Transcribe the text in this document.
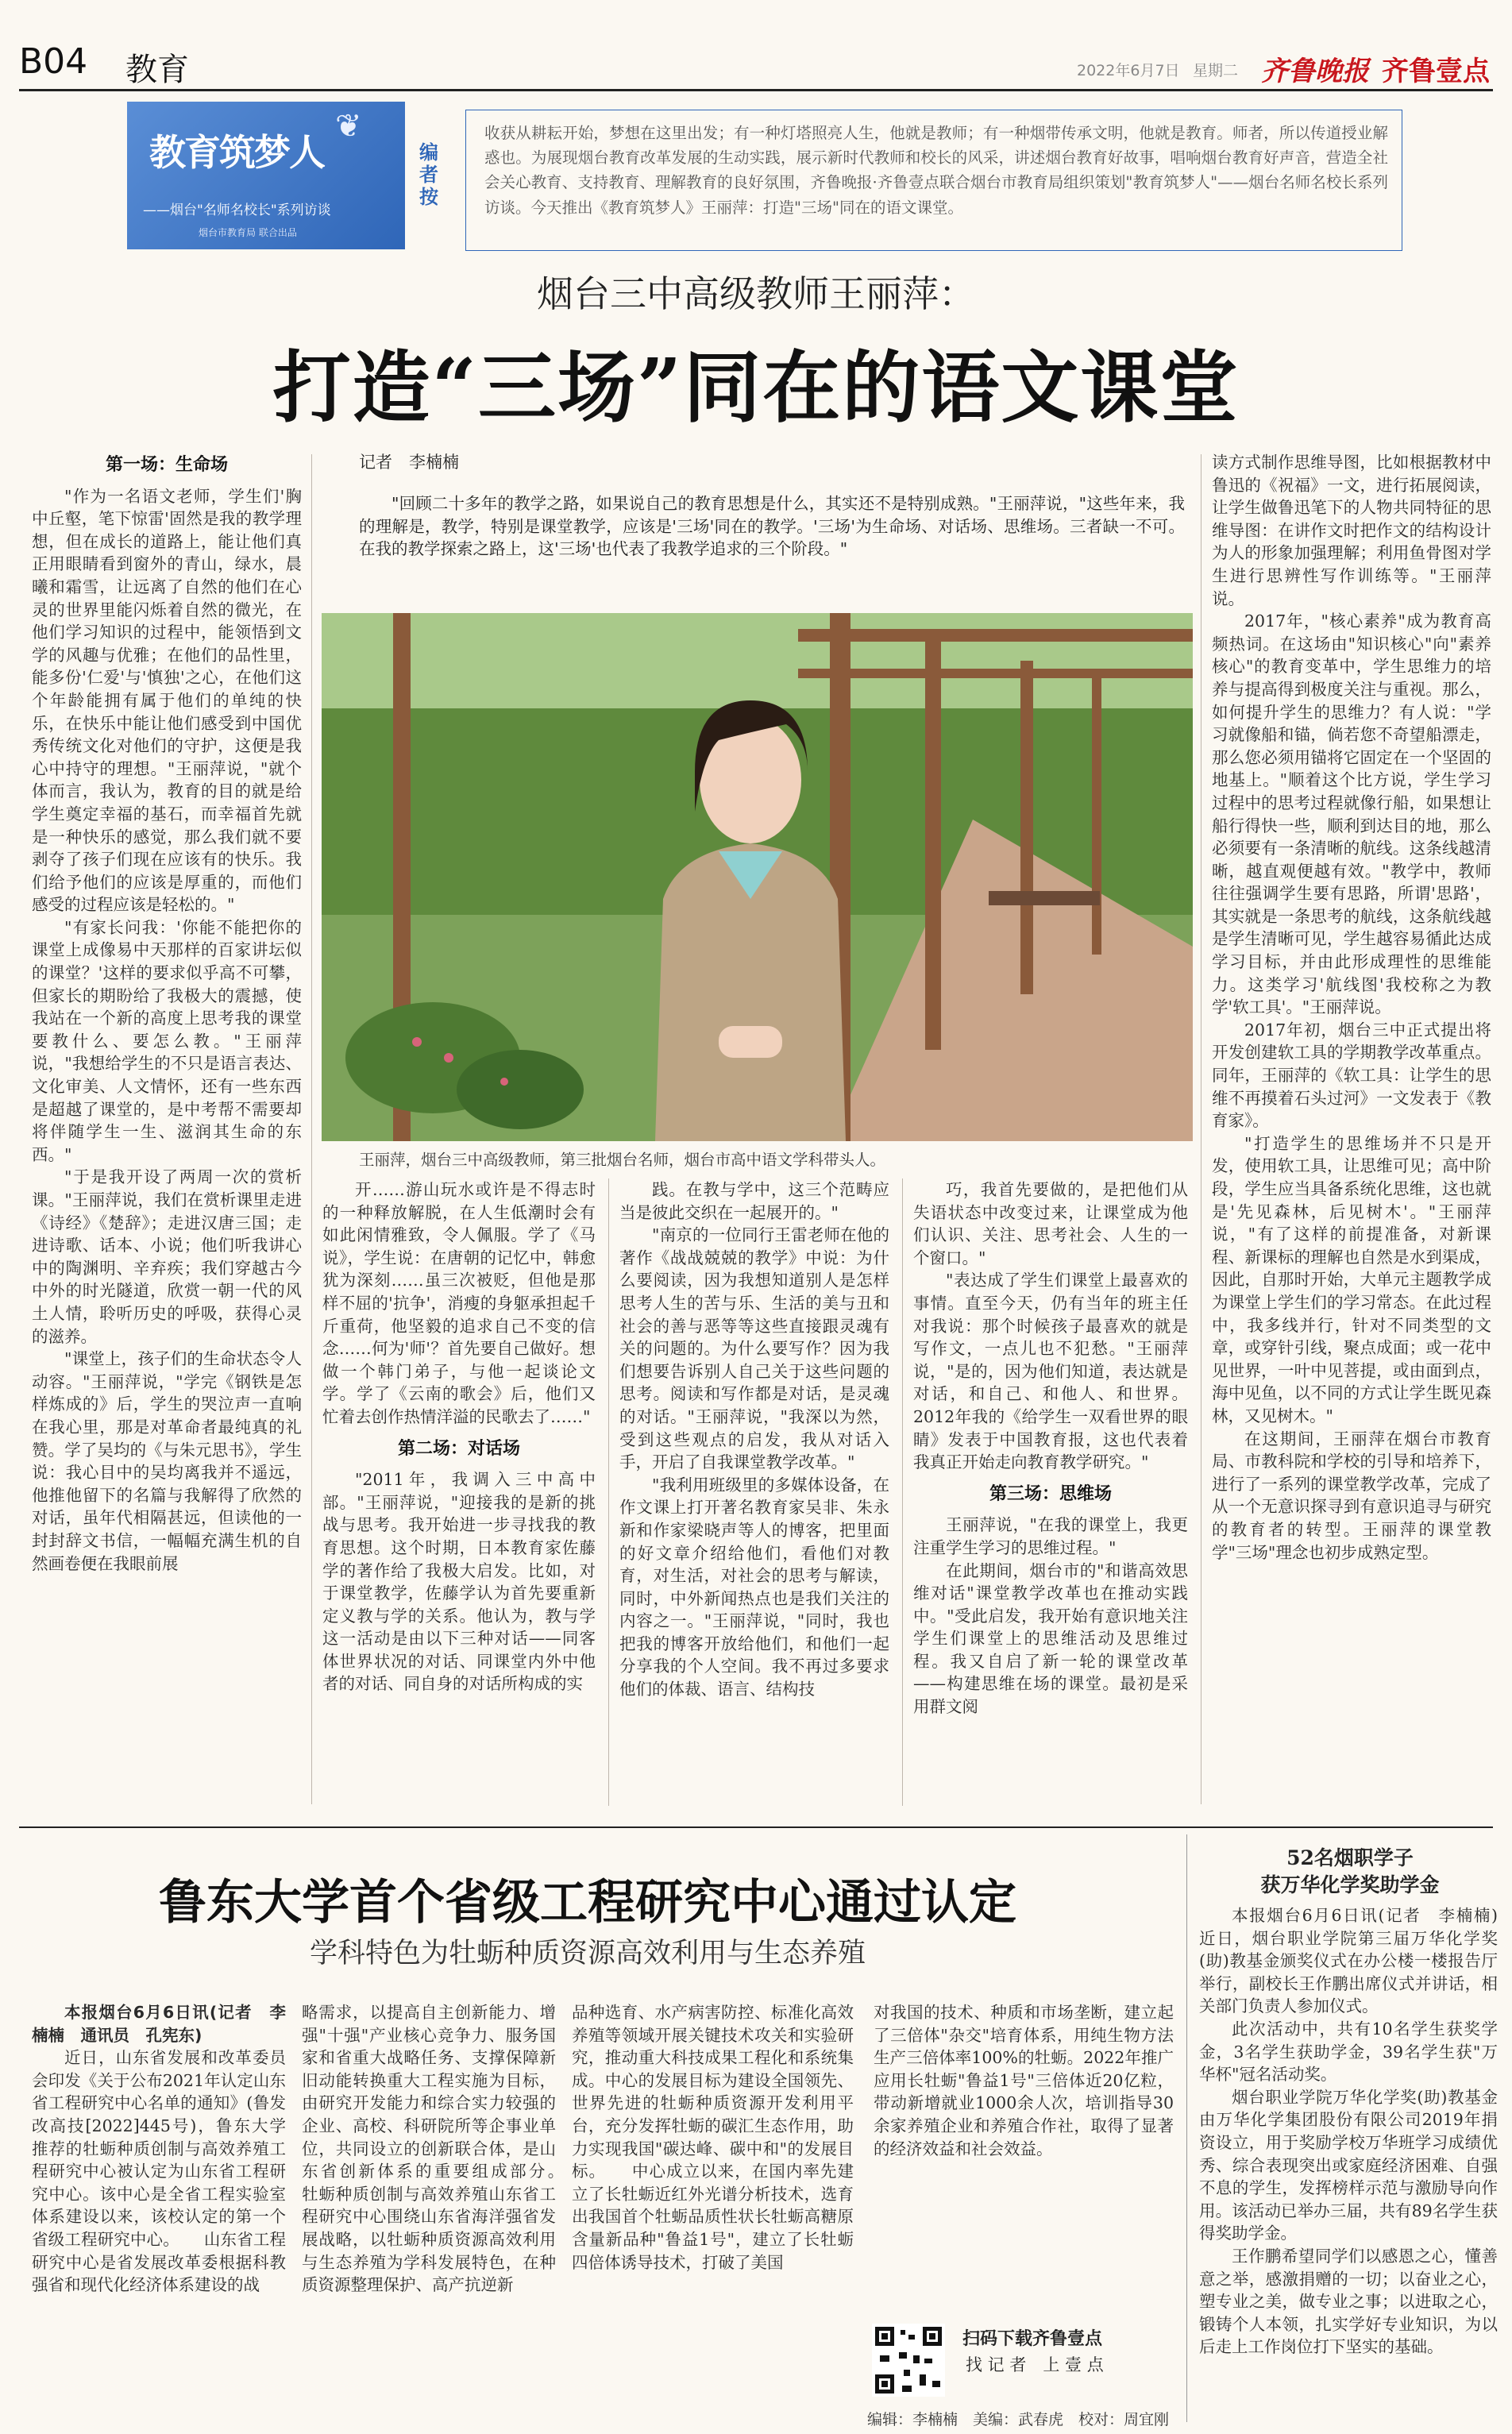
B04 教育	2022年6月7日 星期二 齐鲁晚报 齐鲁壹点
❦
教育筑梦人
——烟台"名师名校长"系列访谈
烟台市教育局 联合出品
编者按
收获从耕耘开始，梦想在这里出发；有一种灯塔照亮人生，他就是教师；有一种烟带传承文明，他就是教育。师者，所以传道授业解惑也。为展现烟台教育改革发展的生动实践，展示新时代教师和校长的风采，讲述烟台教育好故事，唱响烟台教育好声音，营造全社会关心教育、支持教育、理解教育的良好氛围，齐鲁晚报·齐鲁壹点联合烟台市教育局组织策划"教育筑梦人"——烟台名师名校长系列访谈。今天推出《教育筑梦人》王丽萍：打造"三场"同在的语文课堂。
烟台三中高级教师王丽萍：
打造“三场”同在的语文课堂
记者　李楠楠

"回顾二十多年的教学之路，如果说自己的教育思想是什么，其实还不是特别成熟。"王丽萍说，"这些年来，我的理解是，教学，特别是课堂教学，应该是'三场'同在的教学。'三场'为生命场、对话场、思维场。三者缺一不可。在我的教学探索之路上，这'三场'也代表了我教学追求的三个阶段。"

第一场：生命场

"作为一名语文老师，学生们'胸中丘壑，笔下惊雷'固然是我的教学理想，但在成长的道路上，能让他们真正用眼睛看到窗外的青山，绿水，晨曦和霜雪，让远离了自然的他们在心灵的世界里能闪烁着自然的微光，在他们学习知识的过程中，能领悟到文学的风趣与优雅；在他们的品性里，能多份'仁爱'与'慎独'之心，在他们这个年龄能拥有属于他们的单纯的快乐，在快乐中能让他们感受到中国优秀传统文化对他们的守护，这便是我心中持守的理想。"王丽萍说，"就个体而言，我认为，教育的目的就是给学生奠定幸福的基石，而幸福首先就是一种快乐的感觉，那么我们就不要剥夺了孩子们现在应该有的快乐。我们给予他们的应该是厚重的，而他们感受的过程应该是轻松的。"

"有家长问我：'你能不能把你的课堂上成像易中天那样的百家讲坛似的课堂？'这样的要求似乎高不可攀，但家长的期盼给了我极大的震撼，使我站在一个新的高度上思考我的课堂要教什么、要怎么教。"王丽萍说，"我想给学生的不只是语言表达、文化审美、人文情怀，还有一些东西是超越了课堂的，是中考帮不需要却将伴随学生一生、滋润其生命的东西。"

"于是我开设了两周一次的赏析课。"王丽萍说，我们在赏析课里走进《诗经》《楚辞》；走进汉唐三国；走进诗歌、话本、小说；他们听我讲心中的陶渊明、辛弃疾；我们穿越古今中外的时光隧道，欣赏一朝一代的风土人情，聆听历史的呼吸，获得心灵的滋养。

"课堂上，孩子们的生命状态令人动容。"王丽萍说，"学完《钢铁是怎样炼成的》后，学生的哭泣声一直响在我心里，那是对革命者最纯真的礼赞。学了吴均的《与朱元思书》，学生说：我心目中的吴均离我并不遥远，他推他留下的名篇与我解得了欣然的对话，虽年代相隔甚远，但读他的一封封辞文书信，一幅幅充满生机的自然画卷便在我眼前展

王丽萍，烟台三中高级教师，第三批烟台名师，烟台市高中语文学科带头人。

开……游山玩水或许是不得志时的一种释放解脱，在人生低潮时会有如此闲情雅致，令人佩服。学了《马说》，学生说：在唐朝的记忆中，韩愈犹为深刻……虽三次被贬，但他是那样不屈的'抗争'，消瘦的身躯承担起千斤重荷，他坚毅的追求自己不变的信念……何为'师'？首先要自己做好。想做一个韩门弟子，与他一起谈论文学。学了《云南的歌会》后，他们又忙着去创作热情洋溢的民歌去了……"

第二场：对话场

"2011年，我调入三中高中部。"王丽萍说，"迎接我的是新的挑战与思考。我开始进一步寻找我的教育思想。这个时期，日本教育家佐藤学的著作给了我极大启发。比如，对于课堂教学，佐藤学认为首先要重新定义教与学的关系。他认为，教与学这一活动是由以下三种对话——同客体世界状况的对话、同课堂内外中他者的对话、同自身的对话所构成的实

践。在教与学中，这三个范畴应当是彼此交织在一起展开的。"

"南京的一位同行王雷老师在他的著作《战战兢兢的教学》中说：为什么要阅读，因为我想知道别人是怎样思考人生的苦与乐、生活的美与丑和社会的善与恶等等这些直接跟灵魂有关的问题的。为什么要写作？因为我们想要告诉别人自己关于这些问题的思考。阅读和写作都是对话，是灵魂的对话。"王丽萍说，"我深以为然，受到这些观点的启发，我从对话入手，开启了自我课堂教学改革。"

"我利用班级里的多媒体设备，在作文课上打开著名教育家吴非、朱永新和作家梁晓声等人的博客，把里面的好文章介绍给他们，看他们对教育，对生活，对社会的思考与解读，同时，中外新闻热点也是我们关注的内容之一。"王丽萍说，"同时，我也把我的博客开放给他们，和他们一起分享我的个人空间。我不再过多要求他们的体裁、语言、结构技

巧，我首先要做的，是把他们从失语状态中改变过来，让课堂成为他们认识、关注、思考社会、人生的一个窗口。"

"表达成了学生们课堂上最喜欢的事情。直至今天，仍有当年的班主任对我说：那个时候孩子最喜欢的就是写作文，一点儿也不犯愁。"王丽萍说，"是的，因为他们知道，表达就是对话，和自己、和他人、和世界。2012年我的《给学生一双看世界的眼睛》发表于中国教育报，这也代表着我真正开始走向教育教学研究。"

第三场：思维场

王丽萍说，"在我的课堂上，我更注重学生学习的思维过程。"

在此期间，烟台市的"和谐高效思维对话"课堂教学改革也在推动实践中。"受此启发，我开始有意识地关注学生们课堂上的思维活动及思维过程。我又自启了新一轮的课堂改革——构建思维在场的课堂。最初是采用群文阅

读方式制作思维导图，比如根据教材中鲁迅的《祝福》一文，进行拓展阅读，让学生做鲁迅笔下的人物共同特征的思维导图：在讲作文时把作文的结构设计为人的形象加强理解；利用鱼骨图对学生进行思辨性写作训练等。"王丽萍说。

2017年，"核心素养"成为教育高频热词。在这场由"知识核心"向"素养核心"的教育变革中，学生思维力的培养与提高得到极度关注与重视。那么，如何提升学生的思维力？有人说："学习就像船和锚，倘若您不奇望船漂走，那么您必须用锚将它固定在一个坚固的地基上。"顺着这个比方说，学生学习过程中的思考过程就像行船，如果想让船行得快一些，顺利到达目的地，那么必须要有一条清晰的航线。这条线越清晰，越直观便越有效。"教学中，教师往往强调学生要有思路，所谓'思路'，其实就是一条思考的航线，这条航线越是学生清晰可见，学生越容易循此达成学习目标，并由此形成理性的思维能力。这类学习'航线图'我校称之为教学'软工具'。"王丽萍说。

2017年初，烟台三中正式提出将开发创建软工具的学期教学改革重点。同年，王丽萍的《软工具：让学生的思维不再摸着石头过河》一文发表于《教育家》。

"打造学生的思维场并不只是开发，使用软工具，让思维可见；高中阶段，学生应当具备系统化思维，这也就是'先见森林，后见树木'。"王丽萍说，"有了这样的前提准备，对新课程、新课标的理解也自然是水到渠成，因此，自那时开始，大单元主题教学成为课堂上学生们的学习常态。在此过程中，我多线并行，针对不同类型的文章，或穿针引线，聚点成面；或一花中见世界，一叶中见菩提，或由面到点，海中见鱼，以不同的方式让学生既见森林，又见树木。"

在这期间，王丽萍在烟台市教育局、市教科院和学校的引导和培养下，进行了一系列的课堂教学改革，完成了从一个无意识探寻到有意识追寻与研究的教育者的转型。王丽萍的课堂教学"三场"理念也初步成熟定型。

鲁东大学首个省级工程研究中心通过认定
学科特色为牡蛎种质资源高效利用与生态养殖

本报烟台6月6日讯(记者　李楠楠　通讯员　孔宪东)

近日，山东省发展和改革委员会印发《关于公布2021年认定山东省工程研究中心名单的通知》(鲁发改高技[2022]445号)，鲁东大学推荐的牡蛎种质创制与高效养殖工程研究中心被认定为山东省工程研究中心。该中心是全省工程实验室体系建设以来，该校认定的第一个省级工程研究中心。　　山东省工程研究中心是省发展改革委根据科教强省和现代化经济体系建设的战

略需求，以提高自主创新能力、增强"十强"产业核心竞争力、服务国家和省重大战略任务、支撑保障新旧动能转换重大工程实施为目标，由研究开发能力和综合实力较强的企业、高校、科研院所等企事业单位，共同设立的创新联合体，是山东省创新体系的重要组成部分。　　牡蛎种质创制与高效养殖山东省工程研究中心围绕山东省海洋强省发展战略，以牡蛎种质资源高效利用与生态养殖为学科发展特色，在种质资源整理保护、高产抗逆新

品种选育、水产病害防控、标准化高效养殖等领域开展关键技术攻关和实验研究，推动重大科技成果工程化和系统集成。中心的发展目标为建设全国领先、世界先进的牡蛎种质资源开发利用平台，充分发挥牡蛎的碳汇生态作用，助力实现我国"碳达峰、碳中和"的发展目标。　　中心成立以来，在国内率先建立了长牡蛎近红外光谱分析技术，选育出我国首个牡蛎品质性状长牡蛎高糖原含量新品种"鲁益1号"，建立了长牡蛎四倍体诱导技术，打破了美国

对我国的技术、种质和市场垄断，建立起了三倍体"杂交"培育体系，用纯生物方法生产三倍体率100%的牡蛎。2022年推广应用长牡蛎"鲁益1号"三倍体近20亿粒，带动新增就业1000余人次，培训指导30余家养殖企业和养殖合作社，取得了显著的经济效益和社会效益。

扫码下载齐鲁壹点
找 记 者　上 壹 点
编辑：李楠楠　美编：武春虎　校对：周宜刚
52名烟职学子
获万华化学奖助学金

本报烟台6月6日讯(记者　李楠楠)　近日，烟台职业学院第三届万华化学奖(助)教基金颁奖仪式在办公楼一楼报告厅举行，副校长王作鹏出席仪式并讲话，相关部门负责人参加仪式。

此次活动中，共有10名学生获奖学金，3名学生获助学金，39名学生获"万华杯"冠名活动奖。

烟台职业学院万华化学奖(助)教基金由万华化学集团股份有限公司2019年捐资设立，用于奖励学校万华班学习成绩优秀、综合表现突出或家庭经济困难、自强不息的学生，发挥榜样示范与激励导向作用。该活动已举办三届，共有89名学生获得奖助学金。

王作鹏希望同学们以感恩之心，懂善意之举，感激捐赠的一切；以奋业之心，塑专业之美，做专业之事；以进取之心，锻铸个人本领，扎实学好专业知识，为以后走上工作岗位打下坚实的基础。
